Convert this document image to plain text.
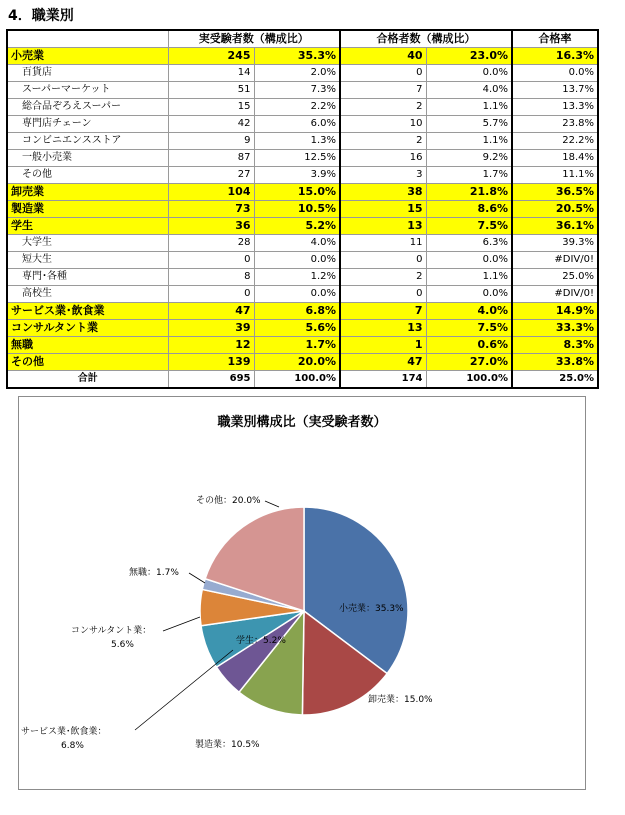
4．職業別
	実受験者数（構成比）		合格者数（構成比）		合格率
小売業	245	35.3%	40	23.0%	16.3%
百貨店	14	2.0%	0	0.0%	0.0%
スーパーマーケット	51	7.3%	7	4.0%	13.7%
総合品ぞろえスーパー	15	2.2%	2	1.1%	13.3%
専門店チェーン	42	6.0%	10	5.7%	23.8%
コンビニエンスストア	9	1.3%	2	1.1%	22.2%
一般小売業	87	12.5%	16	9.2%	18.4%
その他	27	3.9%	3	1.7%	11.1%
卸売業	104	15.0%	38	21.8%	36.5%
製造業	73	10.5%	15	8.6%	20.5%
学生	36	5.2%	13	7.5%	36.1%
大学生	28	4.0%	11	6.3%	39.3%
短大生	0	0.0%	0	0.0%	#DIV/0!
専門･各種	8	1.2%	2	1.1%	25.0%
高校生	0	0.0%	0	0.0%	#DIV/0!
サービス業･飲食業	47	6.8%	7	4.0%	14.9%
コンサルタント業	39	5.6%	13	7.5%	33.3%
無職	12	1.7%	1	0.6%	8.3%
その他	139	20.0%	47	27.0%	33.8%
合計	695	100.0%	174	100.0%	25.0%
職業別構成比（実受験者数）
小売業：35.3%
卸売業：15.0%
製造業：10.5%
学生：5.2%
サービス業･飲食業： 6.8%
コンサルタント業： 5.6%
無職：1.7%
その他：20.0%
